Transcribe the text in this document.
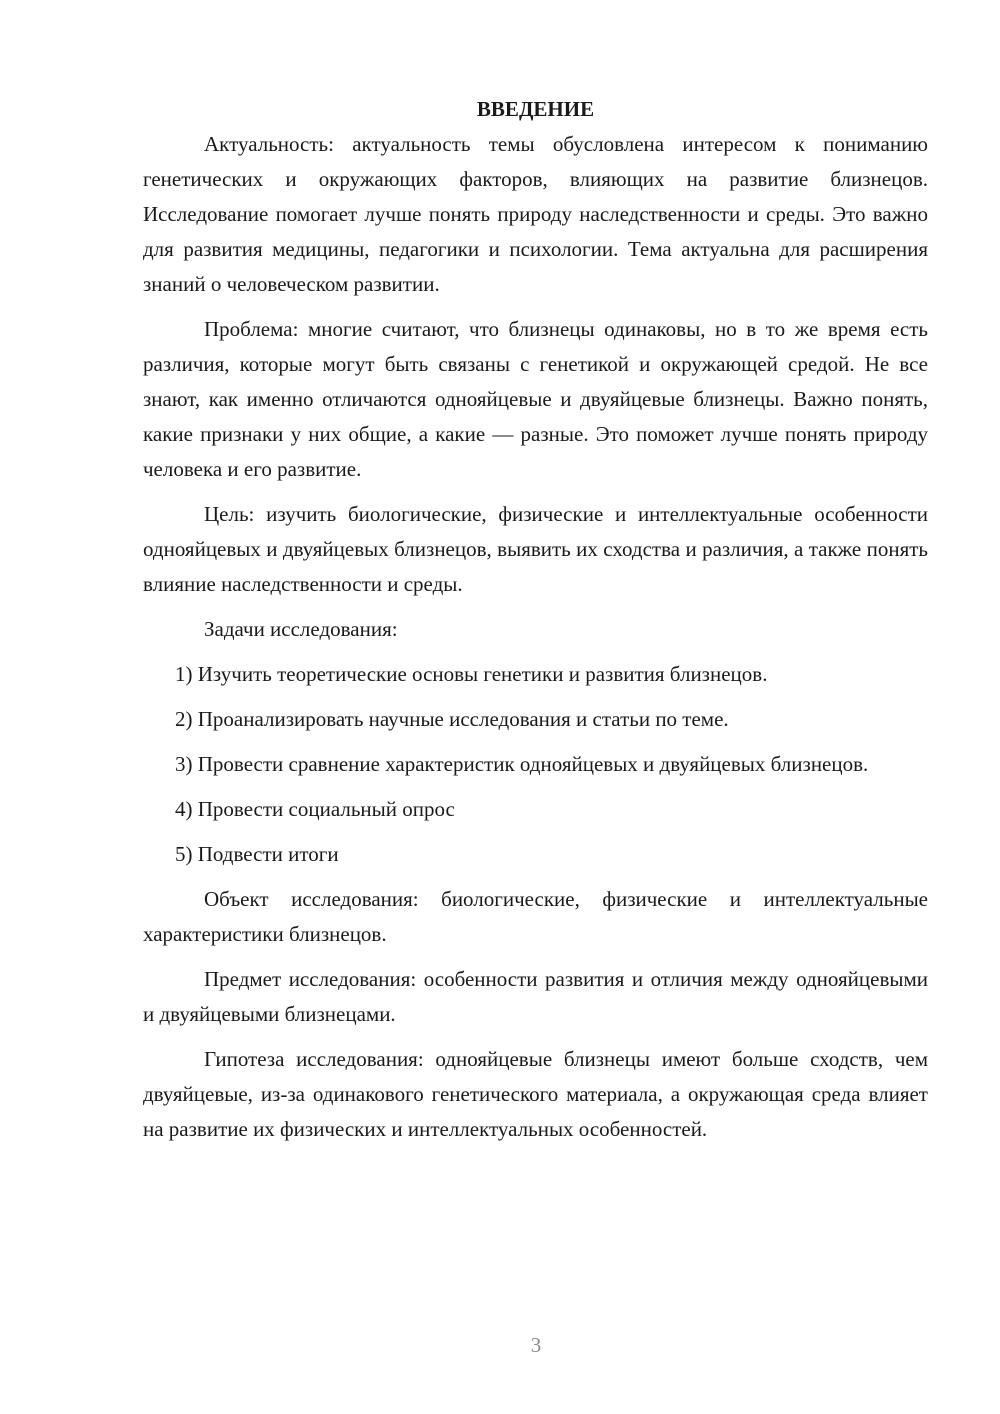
ВВЕДЕНИЕ

Актуальность: актуальность темы обусловлена интересом к пониманию генетических и окружающих факторов, влияющих на развитие близнецов. Исследование помогает лучше понять природу наследственности и среды. Это важно для развития медицины, педагогики и психологии. Тема актуальна для расширения знаний о человеческом развитии.

Проблема: многие считают, что близнецы одинаковы, но в то же время есть различия, которые могут быть связаны с генетикой и окружающей средой. Не все знают, как именно отличаются однояйцевые и двуяйцевые близнецы. Важно понять, какие признаки у них общие, а какие — разные. Это поможет лучше понять природу человека и его развитие.

Цель: изучить биологические, физические и интеллектуальные особенности однояйцевых и двуяйцевых близнецов, выявить их сходства и различия, а также понять влияние наследственности и среды.

Задачи исследования:

1) Изучить теоретические основы генетики и развития близнецов.

2) Проанализировать научные исследования и статьи по теме.

3) Провести сравнение характеристик однояйцевых и двуяйцевых близнецов.

4) Провести социальный опрос

5) Подвести итоги

Объект исследования: биологические, физические и интеллектуальные характеристики близнецов.

Предмет исследования: особенности развития и отличия между однояйцевыми и двуяйцевыми близнецами.

Гипотеза исследования: однояйцевые близнецы имеют больше сходств, чем двуяйцевые, из-за одинакового генетического материала, а окружающая среда влияет на развитие их физических и интеллектуальных особенностей.

3
